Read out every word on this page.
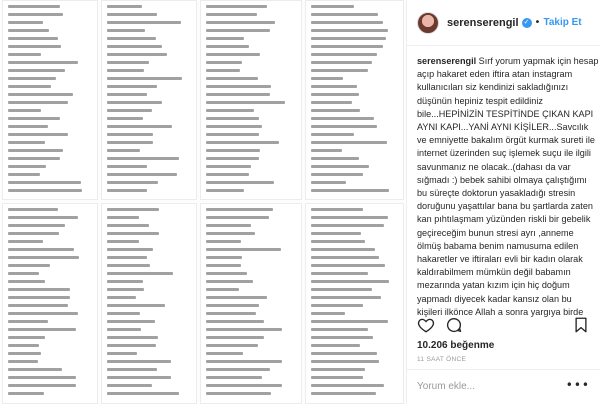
serenserengil ✓ • Takip Et
serenserengil Sırf yorum yapmak için hesap açıp hakaret eden iftira atan instagram kullanıcıları siz kendinizi sakladığınızı düşünün hepiniz tespit edildiniz bile...HEPİNİZİN TESPİTİNDE ÇIKAN KAPI AYNI KAPI...YANİ AYNI KİŞİLER...Savcılık ve emniyette bakalım örgüt kurmak sureti ile internet üzerinden suç işlemek suçu ile ilgili savunmanız ne olacak..(dahası da var sığmadı :) bebek sahibi olmaya çalıştığımı bu süreçte doktorun yasakladığı stresin doruğunu yaşattılar bana bu şartlarda zaten kan pıhtılaşmam yüzünden riskli bir gebelik geçireceğim bunun stresi ayrı ,anneme ölmüş babama benim namusuma edilen hakaretler ve iftiraları evli bir kadın olarak kaldırabilmem mümkün değil babamın mezarında yatan kızım için hiç doğum yapmadı diyecek kadar kansız olan bu kişileri ilkönce Allah a sonra yargıya birde
10.206 beğenme
11 SAAT ÖNCE
Yorum ekle...
•••
